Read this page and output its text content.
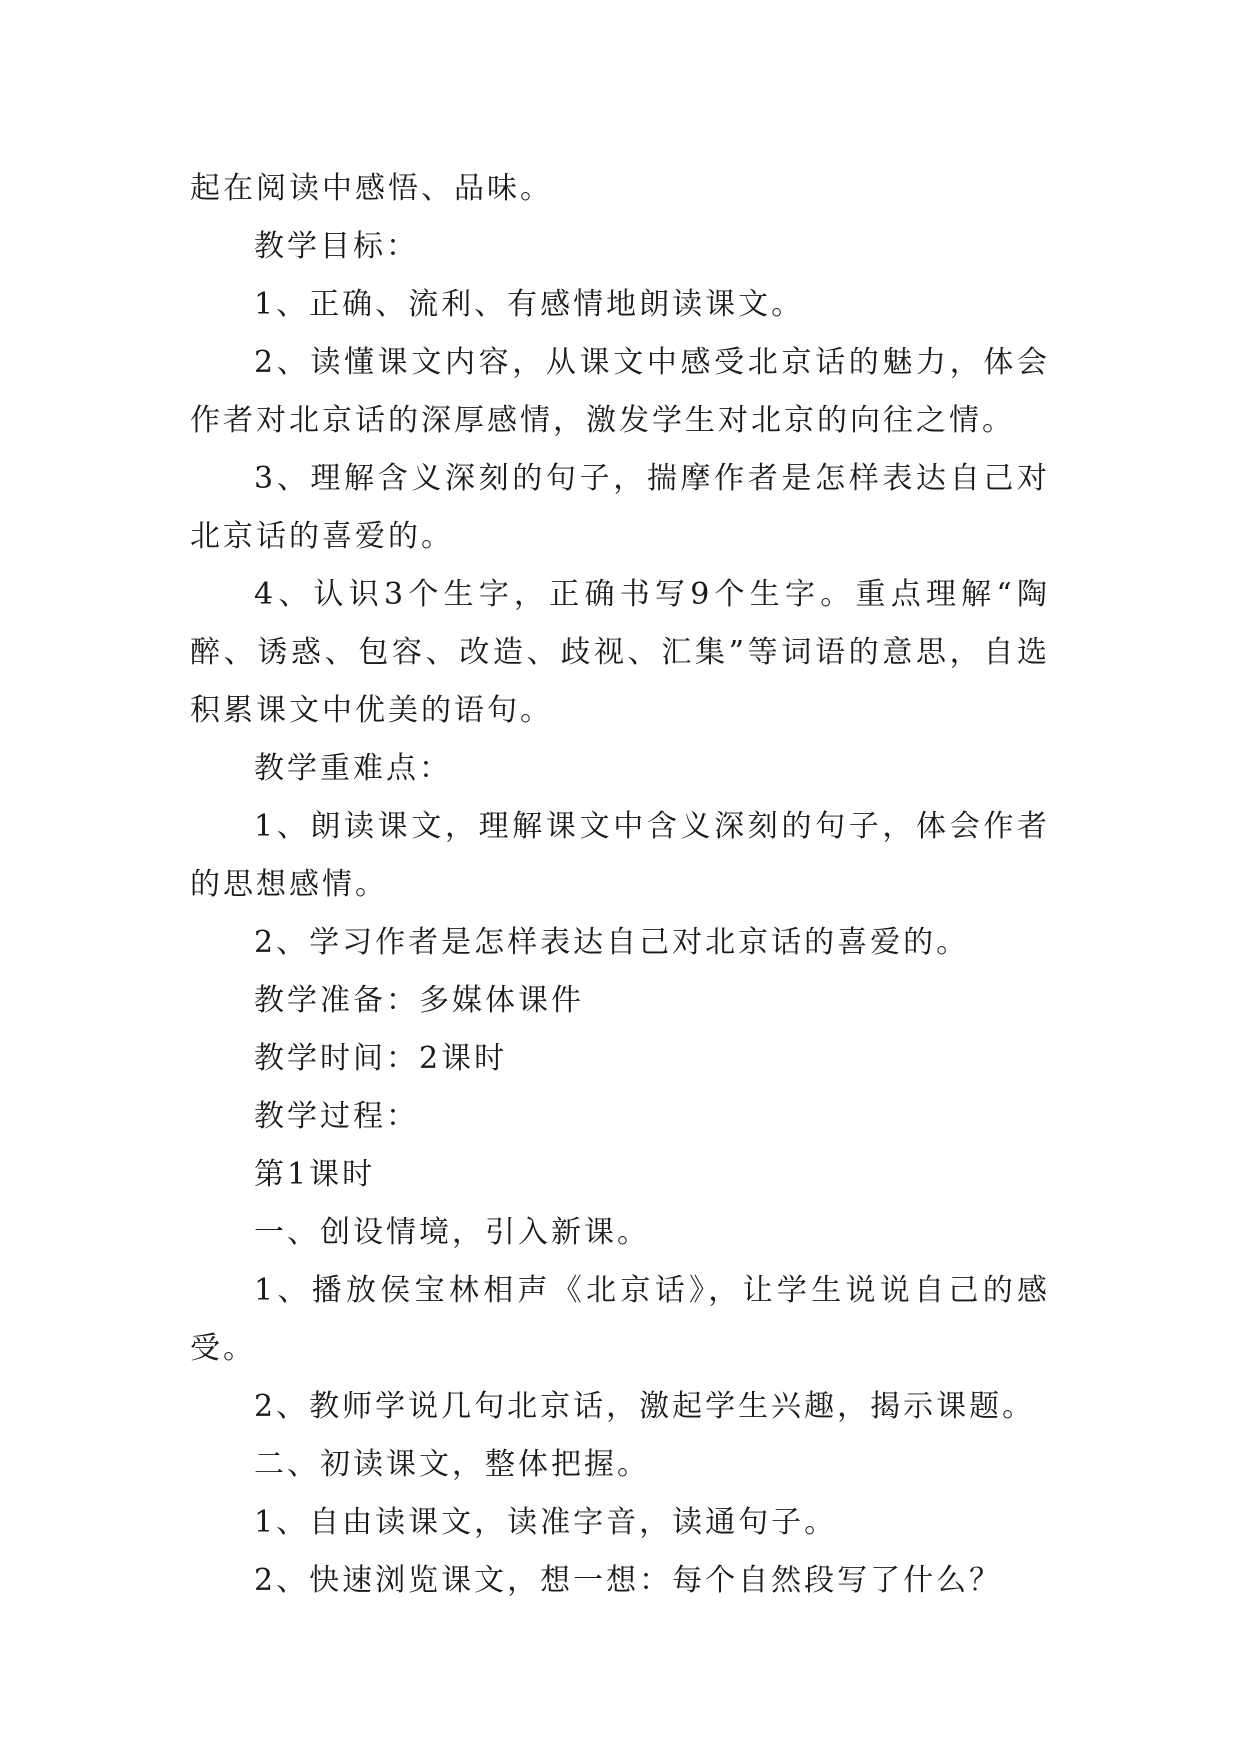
起在阅读中感悟、品味。

教学目标：

1、正确、流利、有感情地朗读课文。

2、读懂课文内容，从课文中感受北京话的魅力，体会作者对北京话的深厚感情，激发学生对北京的向往之情。

3、理解含义深刻的句子，揣摩作者是怎样表达自己对北京话的喜爱的。

4、认识3个生字，正确书写9个生字。重点理解“陶醉、诱惑、包容、改造、歧视、汇集”等词语的意思，自选积累课文中优美的语句。

教学重难点：

1、朗读课文，理解课文中含义深刻的句子，体会作者的思想感情。

2、学习作者是怎样表达自己对北京话的喜爱的。

教学准备：多媒体课件

教学时间：2课时

教学过程：

第1课时

一、创设情境，引入新课。

1、播放侯宝林相声《北京话》，让学生说说自己的感受。

2、教师学说几句北京话，激起学生兴趣，揭示课题。

二、初读课文，整体把握。

1、自由读课文，读准字音，读通句子。

2、快速浏览课文，想一想：每个自然段写了什么？
